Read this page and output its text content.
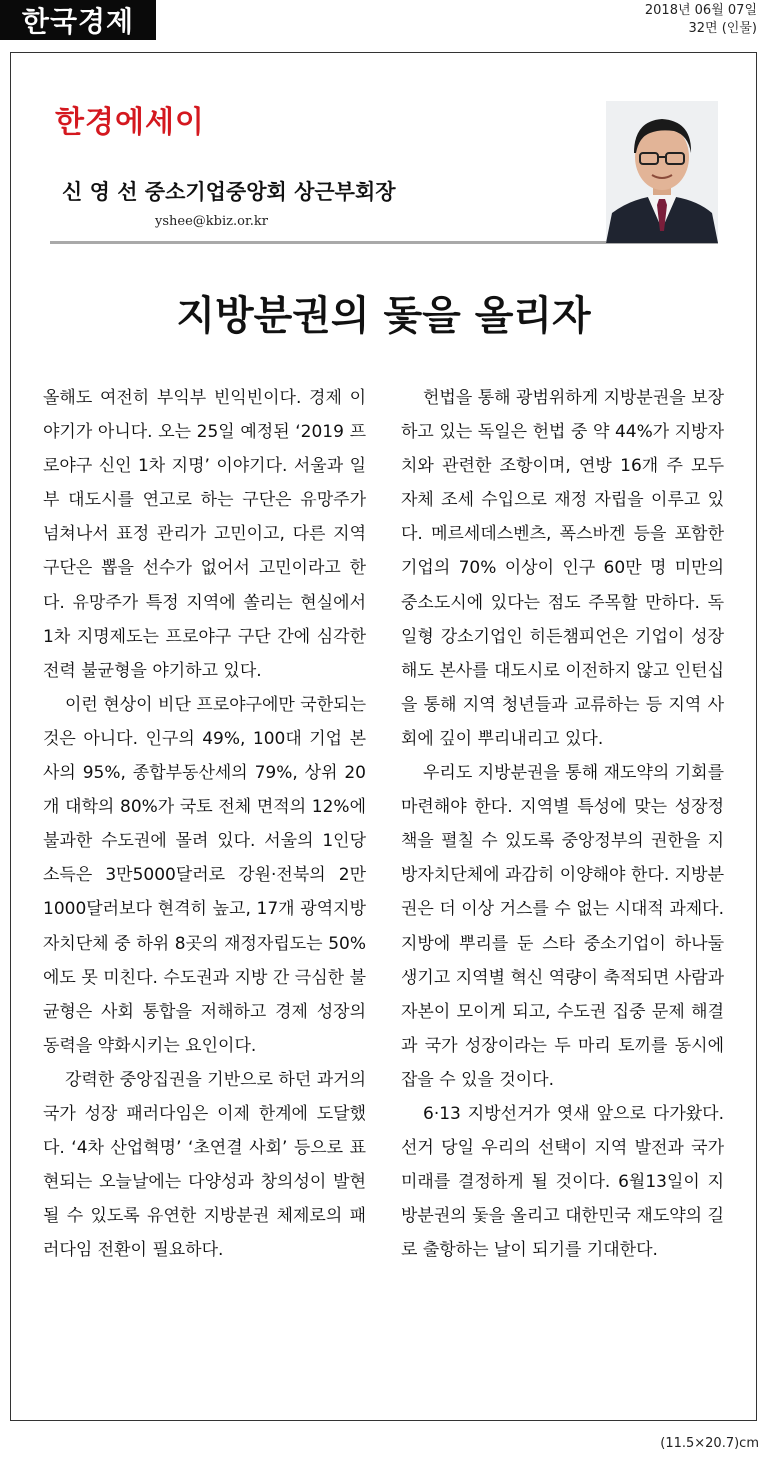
한국경제	2018년 06월 07일
32면 (인물)
한경에세이
신 영 선 중소기업중앙회 상근부회장
yshee@kbiz.or.kr
지방분권의 돛을 올리자

올해도 여전히 부익부 빈익빈이다. 경제 이야기가 아니다. 오는 25일 예정된 ‘2019 프로야구 신인 1차 지명’ 이야기다. 서울과 일부 대도시를 연고로 하는 구단은 유망주가 넘쳐나서 표정 관리가 고민이고, 다른 지역 구단은 뽑을 선수가 없어서 고민이라고 한다. 유망주가 특정 지역에 쏠리는 현실에서 1차 지명제도는 프로야구 구단 간에 심각한 전력 불균형을 야기하고 있다.

이런 현상이 비단 프로야구에만 국한되는 것은 아니다. 인구의 49%, 100대 기업 본사의 95%, 종합부동산세의 79%, 상위 20개 대학의 80%가 국토 전체 면적의 12%에 불과한 수도권에 몰려 있다. 서울의 1인당 소득은 3만5000달러로 강원·전북의 2만1000달러보다 현격히 높고, 17개 광역지방자치단체 중 하위 8곳의 재정자립도는 50%에도 못 미친다. 수도권과 지방 간 극심한 불균형은 사회 통합을 저해하고 경제 성장의 동력을 약화시키는 요인이다.

강력한 중앙집권을 기반으로 하던 과거의 국가 성장 패러다임은 이제 한계에 도달했다. ‘4차 산업혁명’ ‘초연결 사회’ 등으로 표현되는 오늘날에는 다양성과 창의성이 발현될 수 있도록 유연한 지방분권 체제로의 패러다임 전환이 필요하다.

헌법을 통해 광범위하게 지방분권을 보장하고 있는 독일은 헌법 중 약 44%가 지방자치와 관련한 조항이며, 연방 16개 주 모두 자체 조세 수입으로 재정 자립을 이루고 있다. 메르세데스벤츠, 폭스바겐 등을 포함한 기업의 70% 이상이 인구 60만 명 미만의 중소도시에 있다는 점도 주목할 만하다. 독일형 강소기업인 히든챔피언은 기업이 성장해도 본사를 대도시로 이전하지 않고 인턴십을 통해 지역 청년들과 교류하는 등 지역 사회에 깊이 뿌리내리고 있다.

우리도 지방분권을 통해 재도약의 기회를 마련해야 한다. 지역별 특성에 맞는 성장정책을 펼칠 수 있도록 중앙정부의 권한을 지방자치단체에 과감히 이양해야 한다. 지방분권은 더 이상 거스를 수 없는 시대적 과제다. 지방에 뿌리를 둔 스타 중소기업이 하나둘 생기고 지역별 혁신 역량이 축적되면 사람과 자본이 모이게 되고, 수도권 집중 문제 해결과 국가 성장이라는 두 마리 토끼를 동시에 잡을 수 있을 것이다.

6·13 지방선거가 엿새 앞으로 다가왔다. 선거 당일 우리의 선택이 지역 발전과 국가 미래를 결정하게 될 것이다. 6월13일이 지방분권의 돛을 올리고 대한민국 재도약의 길로 출항하는 날이 되기를 기대한다.

(11.5×20.7)cm
